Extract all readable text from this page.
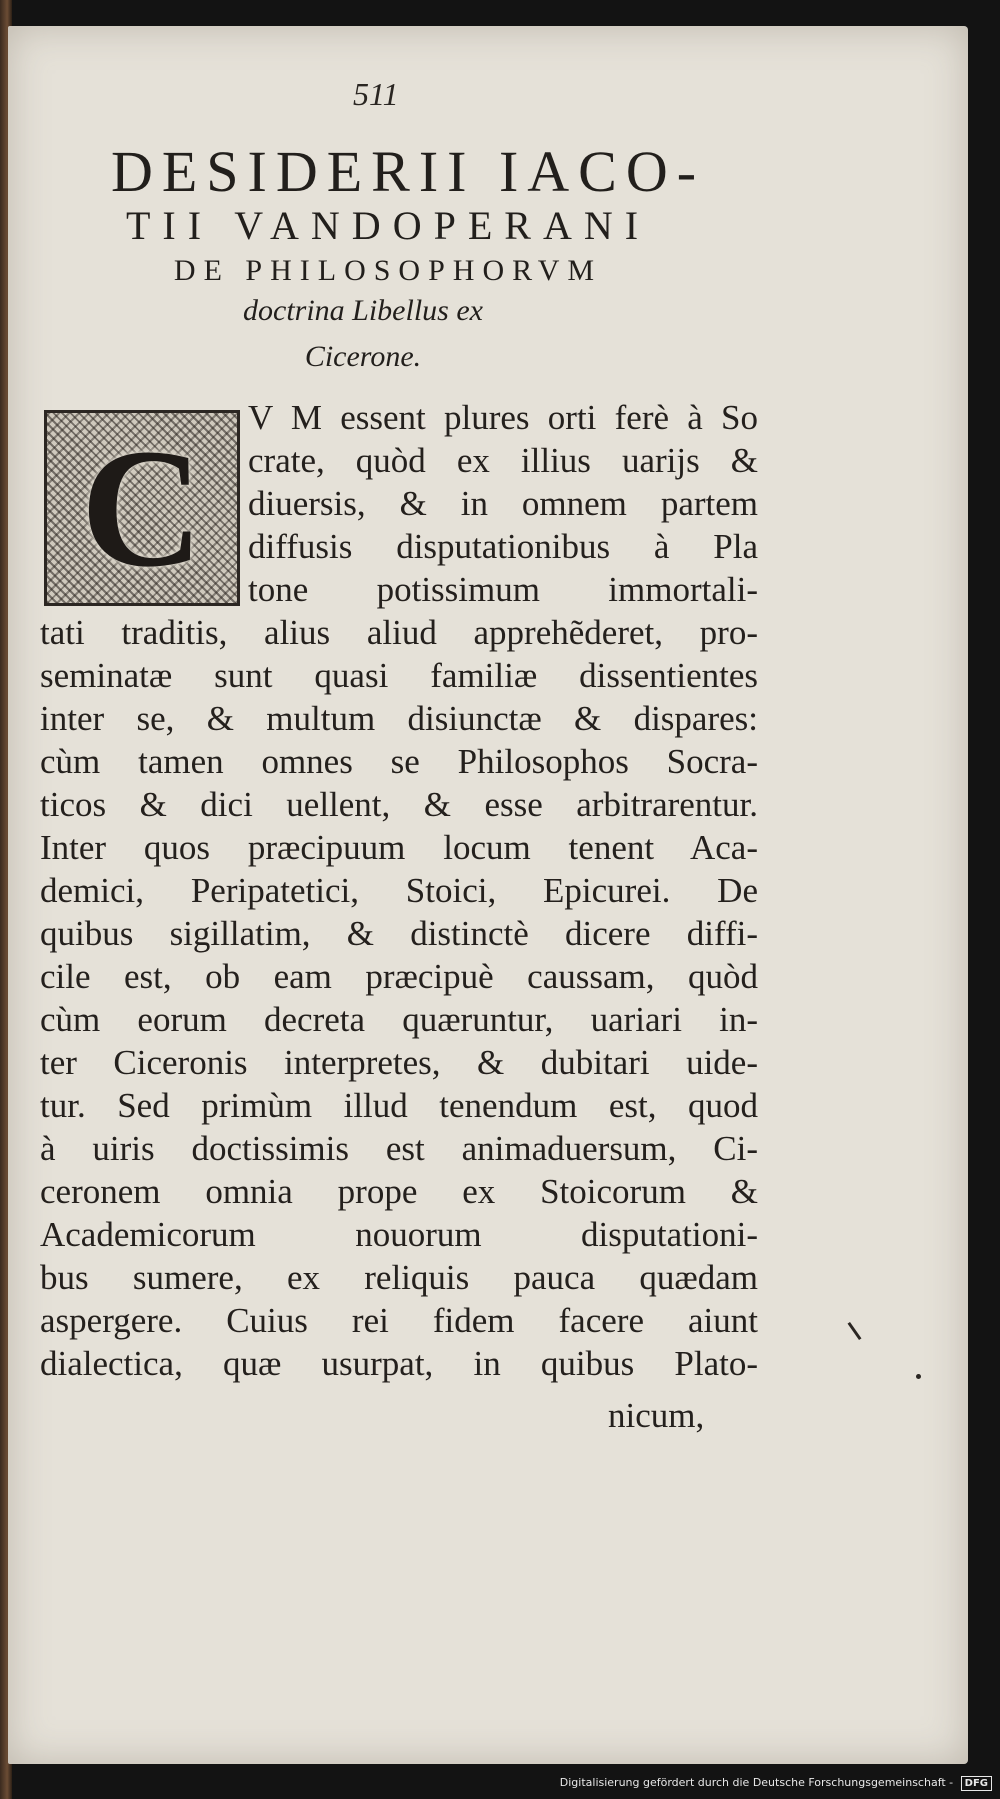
511
DESIDERII IACO-
TII VANDOPERANI
DE PHILOSOPHORVM
doctrina Libellus ex
Cicerone.
C	V M essent plures orti ferè à So
crate, quòd ex illius uarijs &
diuersis, & in omnem partem
diffusis disputationibus à Pla
tone potissimum immortali-
tati traditis, alius aliud apprehẽderet, pro-
seminatæ sunt quasi familiæ dissentientes
inter se, & multum disiunctæ & dispares:
cùm tamen omnes se Philosophos Socra-
ticos & dici uellent, & esse arbitrarentur.
Inter quos præcipuum locum tenent Aca-
demici, Peripatetici, Stoici, Epicurei. De
quibus sigillatim, & distinctè dicere diffi-
cile est, ob eam præcipuè caussam, quòd
cùm eorum decreta quæruntur, uariari in-
ter Ciceronis interpretes, & dubitari uide-
tur. Sed primùm illud tenendum est, quod
à uiris doctissimis est animaduersum, Ci-
ceronem omnia prope ex Stoicorum &
Academicorum nouorum disputationi-
bus sumere, ex reliquis pauca quædam
aspergere. Cuius rei fidem facere aiunt
dialectica, quæ usurpat, in quibus Plato-
nicum,
Digitalisierung gefördert durch die Deutsche Forschungsgemeinschaft - DFG
